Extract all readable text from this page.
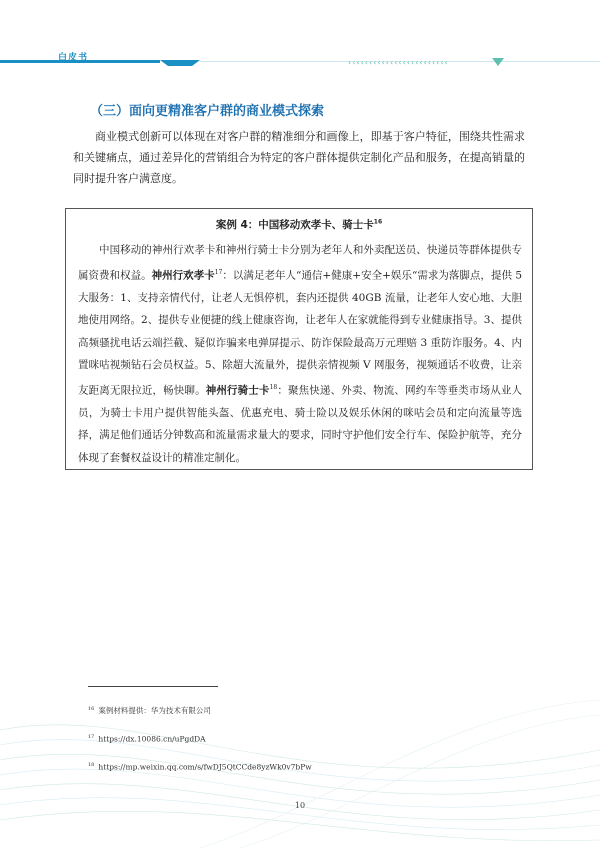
白皮书	‹‹‹‹‹‹‹‹‹‹‹‹‹‹‹‹‹‹‹‹‹‹‹‹
（三）面向更精准客户群的商业模式探索
商业模式创新可以体现在对客户群的精准细分和画像上，即基于客户特征，围绕共性需求和关键痛点，通过差异化的营销组合为特定的客户群体提供定制化产品和服务，在提高销量的同时提升客户满意度。
案例 4：中国移动欢孝卡、骑士卡$^{16}$
中国移动的神州行欢孝卡和神州行骑士卡分别为老年人和外卖配送员、快递员等群体提供专属资费和权益。神州行欢孝卡$^{17}$：以满足老年人“通信+健康+安全+娱乐“需求为落脚点，提供 5 大服务：1、支持亲情代付，让老人无惧停机，套内还提供 40GB 流量，让老年人安心地、大胆地使用网络。2、提供专业便捷的线上健康咨询，让老年人在家就能得到专业健康指导。3、提供高频骚扰电话云端拦截、疑似诈骗来电弹屏提示、防诈保险最高万元理赔 3 重防诈服务。4、内置咪咕视频钻石会员权益。5、除超大流量外，提供亲情视频 V 网服务，视频通话不收费，让亲友距离无限拉近，畅快聊。神州行骑士卡$^{18}$：聚焦快递、外卖、物流、网约车等垂类市场从业人员，为骑士卡用户提供智能头盔、优惠充电、骑士险以及娱乐休闲的咪咕会员和定向流量等选择，满足他们通话分钟数高和流量需求量大的要求，同时守护他们安全行车、保险护航等，充分体现了套餐权益设计的精准定制化。
$^{16}$ 案例材料提供：华为技术有限公司
$^{17}$ https://dx.10086.cn/uPgdDA
$^{18}$ https://mp.weixin.qq.com/s/fwDJ5QtCCde8yzWk0v7bPw
10
